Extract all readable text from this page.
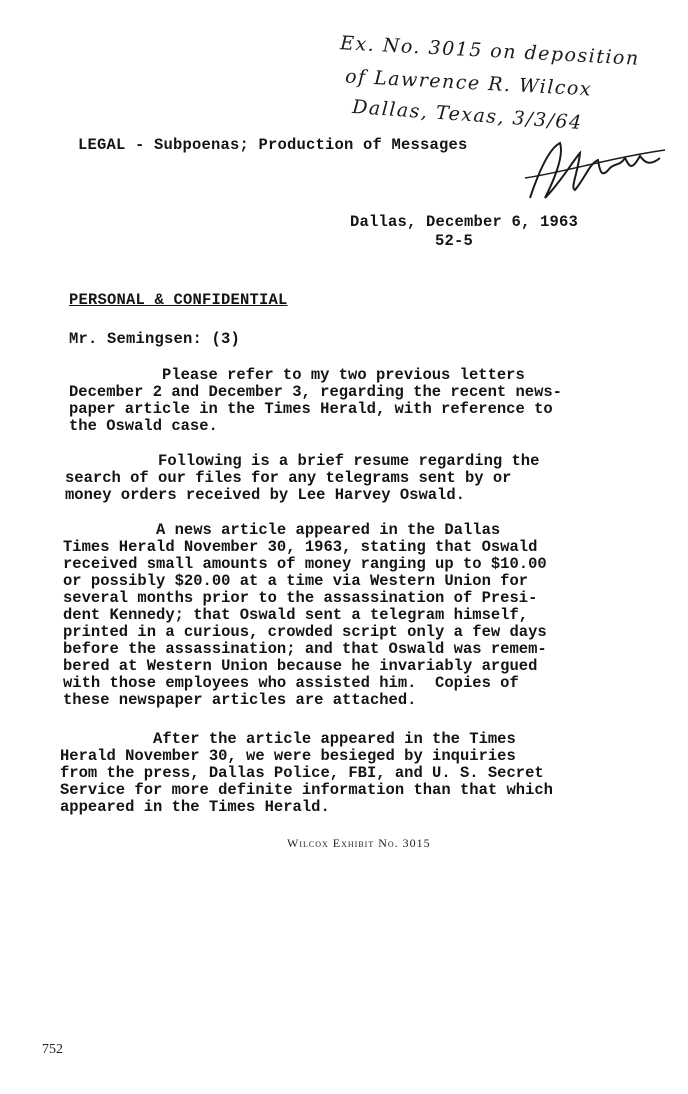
Ex. No. 3015 on deposition
of Lawrence R. Wilcox
Dallas, Texas, 3/3/64
LEGAL - Subpoenas; Production of Messages
Dallas, December 6, 1963
52-5
PERSONAL & CONFIDENTIAL
Mr. Semingsen: (3)
Please refer to my two previous letters
December 2 and December 3, regarding the recent news-
paper article in the Times Herald, with reference to
the Oswald case.
Following is a brief resume regarding the
search of our files for any telegrams sent by or
money orders received by Lee Harvey Oswald.
A news article appeared in the Dallas
Times Herald November 30, 1963, stating that Oswald
received small amounts of money ranging up to $10.00
or possibly $20.00 at a time via Western Union for
several months prior to the assassination of Presi-
dent Kennedy; that Oswald sent a telegram himself,
printed in a curious, crowded script only a few days
before the assassination; and that Oswald was remem-
bered at Western Union because he invariably argued
with those employees who assisted him.  Copies of
these newspaper articles are attached.
After the article appeared in the Times
Herald November 30, we were besieged by inquiries
from the press, Dallas Police, FBI, and U. S. Secret
Service for more definite information than that which
appeared in the Times Herald.
Wilcox Exhibit No. 3015
752
